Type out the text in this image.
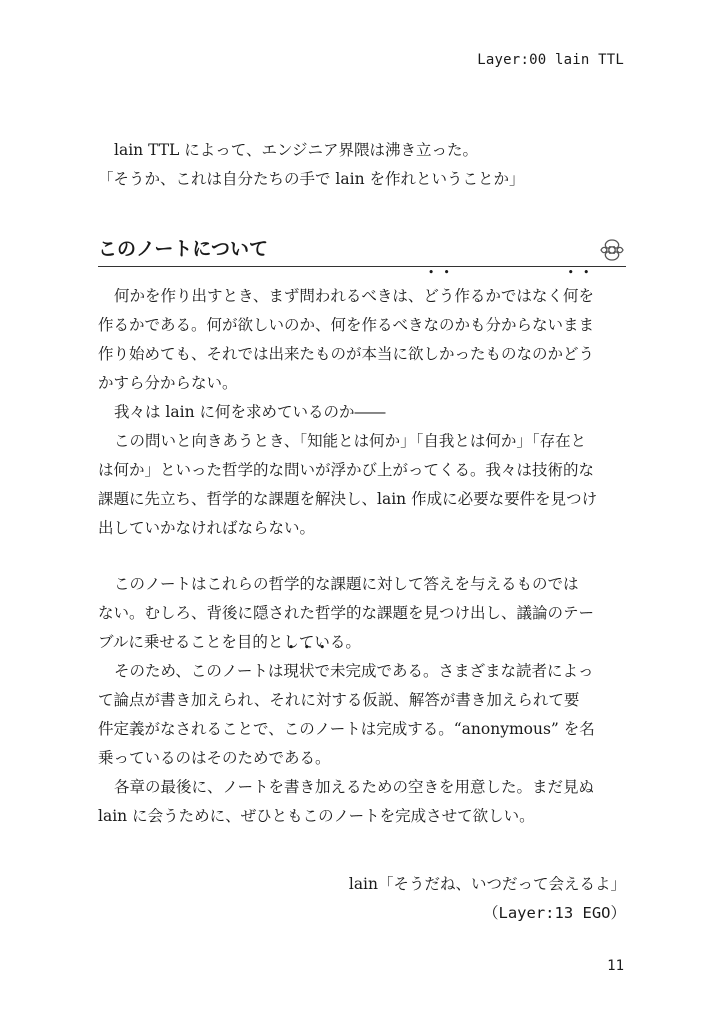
Layer:00 lain TTL
lain TTL によって、エンジニア界隈は沸き立った。
「そうか、これは自分たちの手で lain を作れということか」
このノートについて
何かを作り出すとき、まず問われるべきは、どう作るかではなく何を
作るかである。何が欲しいのか、何を作るべきなのかも分からないまま
作り始めても、それでは出来たものが本当に欲しかったものなのかどう
かすら分からない。
我々は lain に何を求めているのか――
この問いと向きあうとき、「知能とは何か」「自我とは何か」「存在と
は何か」といった哲学的な問いが浮かび上がってくる。我々は技術的な
課題に先立ち、哲学的な課題を解決し、lain 作成に必要な要件を見つけ
出していかなければならない。
このノートはこれらの哲学的な課題に対して答えを与えるものでは
ない。むしろ、背後に隠された哲学的な課題を見つけ出し、議論のテー
ブルに乗せることを目的としている。
そのため、このノートは現状で未完成である。さまざまな読者によっ
て論点が書き加えられ、それに対する仮説、解答が書き加えられて要
件定義がなされることで、このノートは完成する。“anonymous” を名
乗っているのはそのためである。
各章の最後に、ノートを書き加えるための空きを用意した。まだ見ぬ
lain に会うために、ぜひともこのノートを完成させて欲しい。
lain「そうだね、いつだって会えるよ」
（Layer:13 EGO）
11
